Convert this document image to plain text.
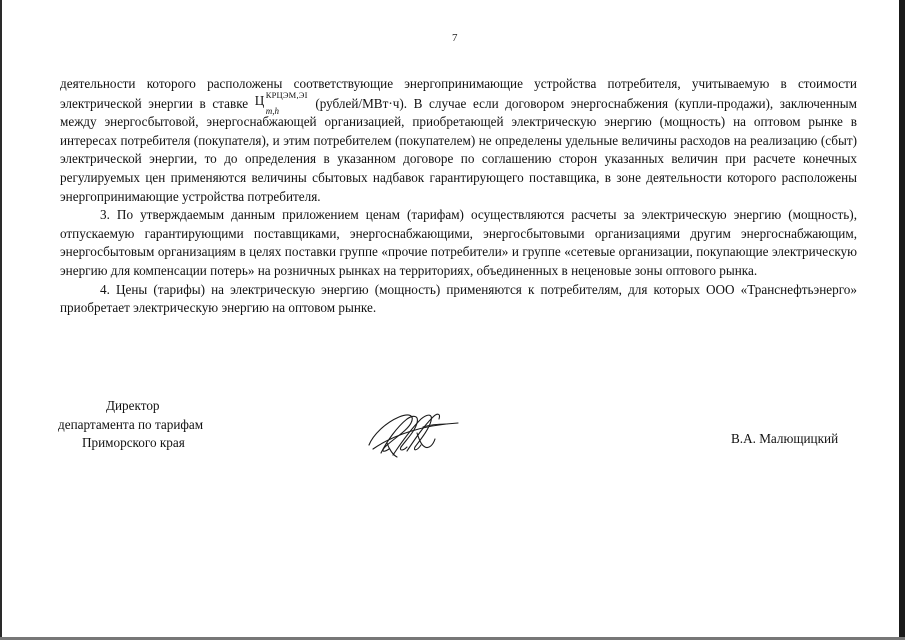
7

деятельности которого расположены соответствующие энергопринимающие устройства потребителя, учитываемую в стоимости электрической энергии в ставке Ц КРЦЭМ,ЭI
m,h	(рублей/МВт·ч). В случае если договором энергоснабжения (купли-продажи), заключенным между энергосбытовой, энергоснабжающей организацией, приобретающей электрическую энергию (мощность) на оптовом рынке в интересах потребителя (покупателя), и этим потребителем (покупателем) не определены удельные величины расходов на реализацию (сбыт) электрической энергии, то до определения в указанном договоре по соглашению сторон указанных величин при расчете конечных регулируемых цен применяются величины сбытовых надбавок гарантирующего поставщика, в зоне деятельности которого расположены энергопринимающие устройства потребителя.

3. По утверждаемым данным приложением ценам (тарифам) осуществляются расчеты за электрическую энергию (мощность), отпускаемую гарантирующими поставщиками, энергоснабжающими, энергосбытовыми организациями другим энергоснабжающим, энергосбытовым организациям в целях поставки группе «прочие потребители» и группе «сетевые организации, покупающие электрическую энергию для компенсации потерь» на розничных рынках на территориях, объединенных в неценовые зоны оптового рынка.

4. Цены (тарифы) на электрическую энергию (мощность) применяются к потребителям, для которых ООО «Транснефтьэнерго» приобретает электрическую энергию на оптовом рынке.

Директор
департамента по тарифам
Приморского края	В.А. Малющицкий
